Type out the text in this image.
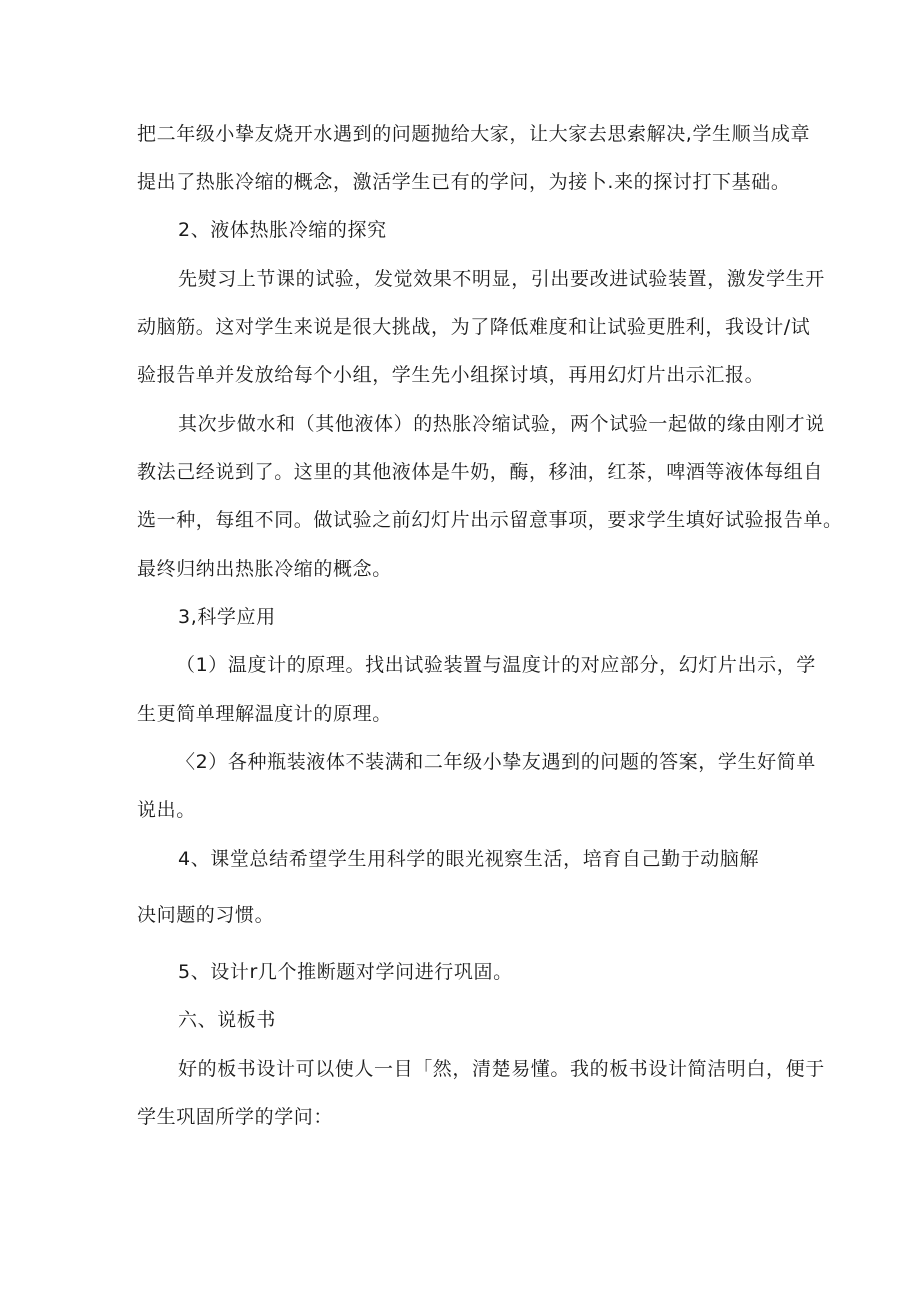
把二年级小挚友烧开水遇到的问题抛给大家，让大家去思索解决,学生顺当成章
提出了热胀冷缩的概念，激活学生已有的学问，为接卜.来的探讨打下基础。
2、液体热胀冷缩的探究
先熨习上节课的试验，发觉效果不明显，引出要改进试验装置，激发学生开
动脑筋。这对学生来说是很大挑战，为了降低难度和让试验更胜利，我设计/试
验报告单并发放给每个小组，学生先小组探讨填，再用幻灯片出示汇报。
其次步做水和（其他液体）的热胀冷缩试验，两个试验一起做的缘由刚才说
教法己经说到了。这里的其他液体是牛奶，酶，移油，红茶，啤酒等液体每组自
选一种，每组不同。做试验之前幻灯片出示留意事项，要求学生填好试验报告单。
最终归纳出热胀冷缩的概念。
3,科学应用
（1）温度计的原理。找出试验装置与温度计的对应部分，幻灯片出示，学
生更简单理解温度计的原理。
〈2）各种瓶装液体不装满和二年级小挚友遇到的问题的答案，学生好简单
说出。
4、课堂总结希望学生用科学的眼光视察生活，培育自己勤于动脑解
决问题的习惯。
5、设计r几个推断题对学问进行巩固。
六、说板书
好的板书设计可以使人一目「然，清楚易懂。我的板书设计简洁明白，便于
学生巩固所学的学问：
